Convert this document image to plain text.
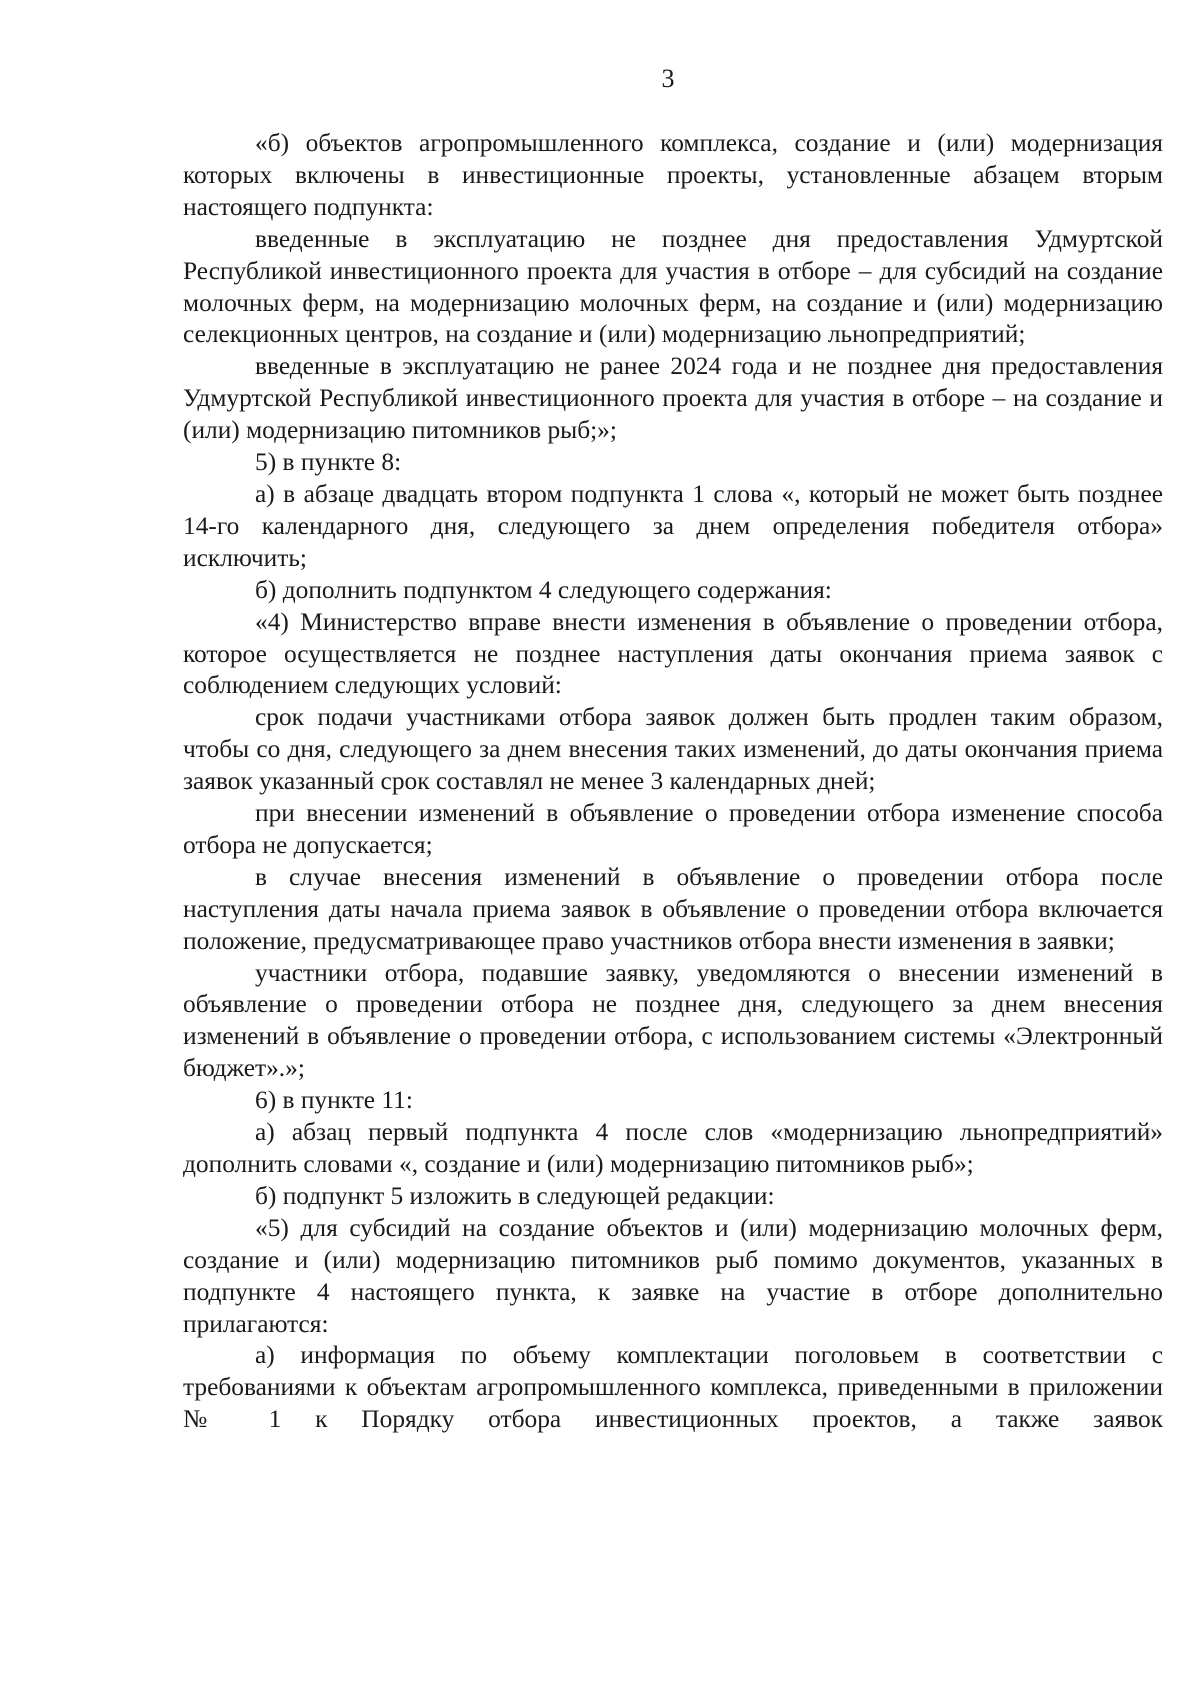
3

«б) объектов агропромышленного комплекса, создание и (или) модернизация которых включены в инвестиционные проекты, установленные абзацем вторым настоящего подпункта:

введенные в эксплуатацию не позднее дня предоставления Удмуртской Республикой инвестиционного проекта для участия в отборе – для субсидий на создание молочных ферм, на модернизацию молочных ферм, на создание и (или) модернизацию селекционных центров, на создание и (или) модернизацию льнопредприятий;

введенные в эксплуатацию не ранее 2024 года и не позднее дня предоставления Удмуртской Республикой инвестиционного проекта для участия в отборе – на создание и (или) модернизацию питомников рыб;»;

5) в пункте 8:

а) в абзаце двадцать втором подпункта 1 слова «, который не может быть позднее 14-го календарного дня, следующего за днем определения победителя отбора» исключить;

б) дополнить подпунктом 4 следующего содержания:

«4) Министерство вправе внести изменения в объявление о проведении отбора, которое осуществляется не позднее наступления даты окончания приема заявок с соблюдением следующих условий:

срок подачи участниками отбора заявок должен быть продлен таким образом, чтобы со дня, следующего за днем внесения таких изменений, до даты окончания приема заявок указанный срок составлял не менее 3 календарных дней;

при внесении изменений в объявление о проведении отбора изменение способа отбора не допускается;

в случае внесения изменений в объявление о проведении отбора после наступления даты начала приема заявок в объявление о проведении отбора включается положение, предусматривающее право участников отбора внести изменения в заявки;

участники отбора, подавшие заявку, уведомляются о внесении изменений в объявление о проведении отбора не позднее дня, следующего за днем внесения изменений в объявление о проведении отбора, с использованием системы «Электронный бюджет».»;

6) в пункте 11:

а) абзац первый подпункта 4 после слов «модернизацию льнопредприятий» дополнить словами «, создание и (или) модернизацию питомников рыб»;

б) подпункт 5 изложить в следующей редакции:

«5) для субсидий на создание объектов и (или) модернизацию молочных ферм, создание и (или) модернизацию питомников рыб помимо документов, указанных в подпункте 4 настоящего пункта, к заявке на участие в отборе дополнительно прилагаются:

а) информация по объему комплектации поголовьем в соответствии с требованиями к объектам агропромышленного комплекса, приведенными в приложении № 1 к Порядку отбора инвестиционных проектов, а также заявок
